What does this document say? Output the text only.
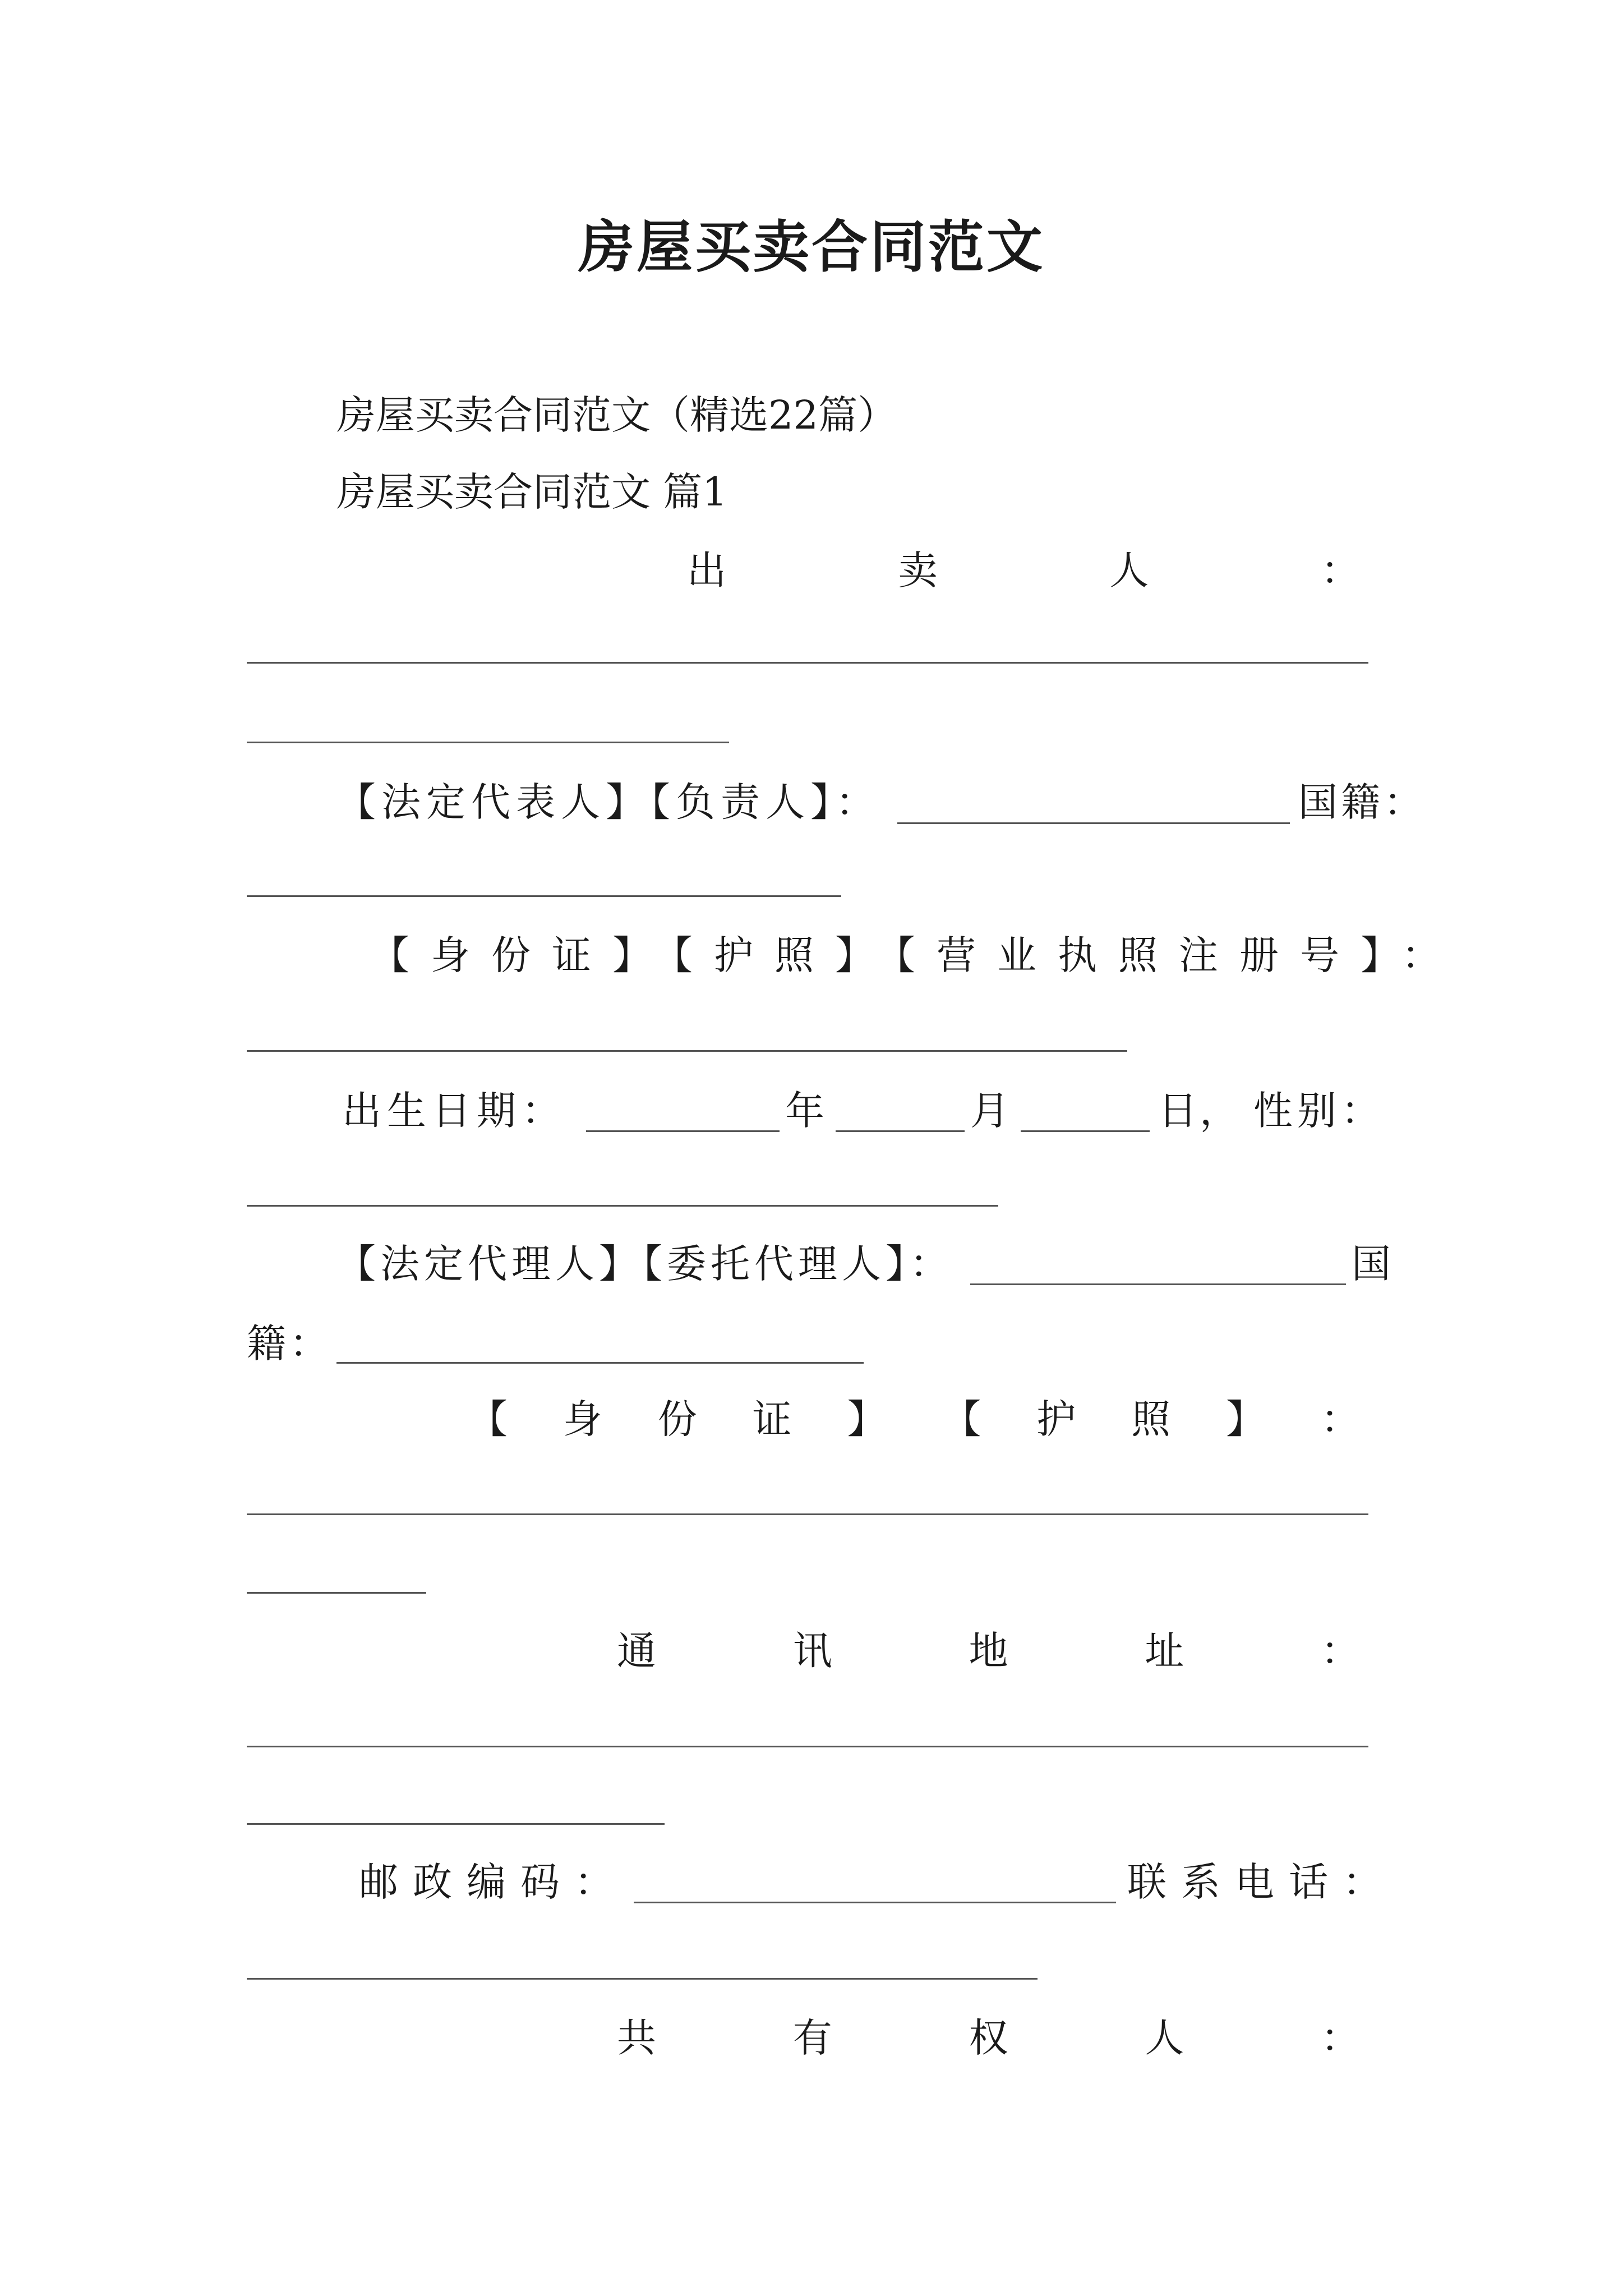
房屋买卖合同范文
房屋买卖合同范文（精选22篇）
房屋买卖合同范文 篇1
出	卖	人	：
【法定代表人】【负责人】：	国籍：
【身份证】【护照】【营业执照注册号】：
出生日期：	年	月	日， 性别：
【法定代理人】【委托代理人】：	国
籍：
【 身 份 证 】 【 护 照 】 ：
通	讯	地	址	：
邮政编码：	联系电话：
共	有	权	人	：
